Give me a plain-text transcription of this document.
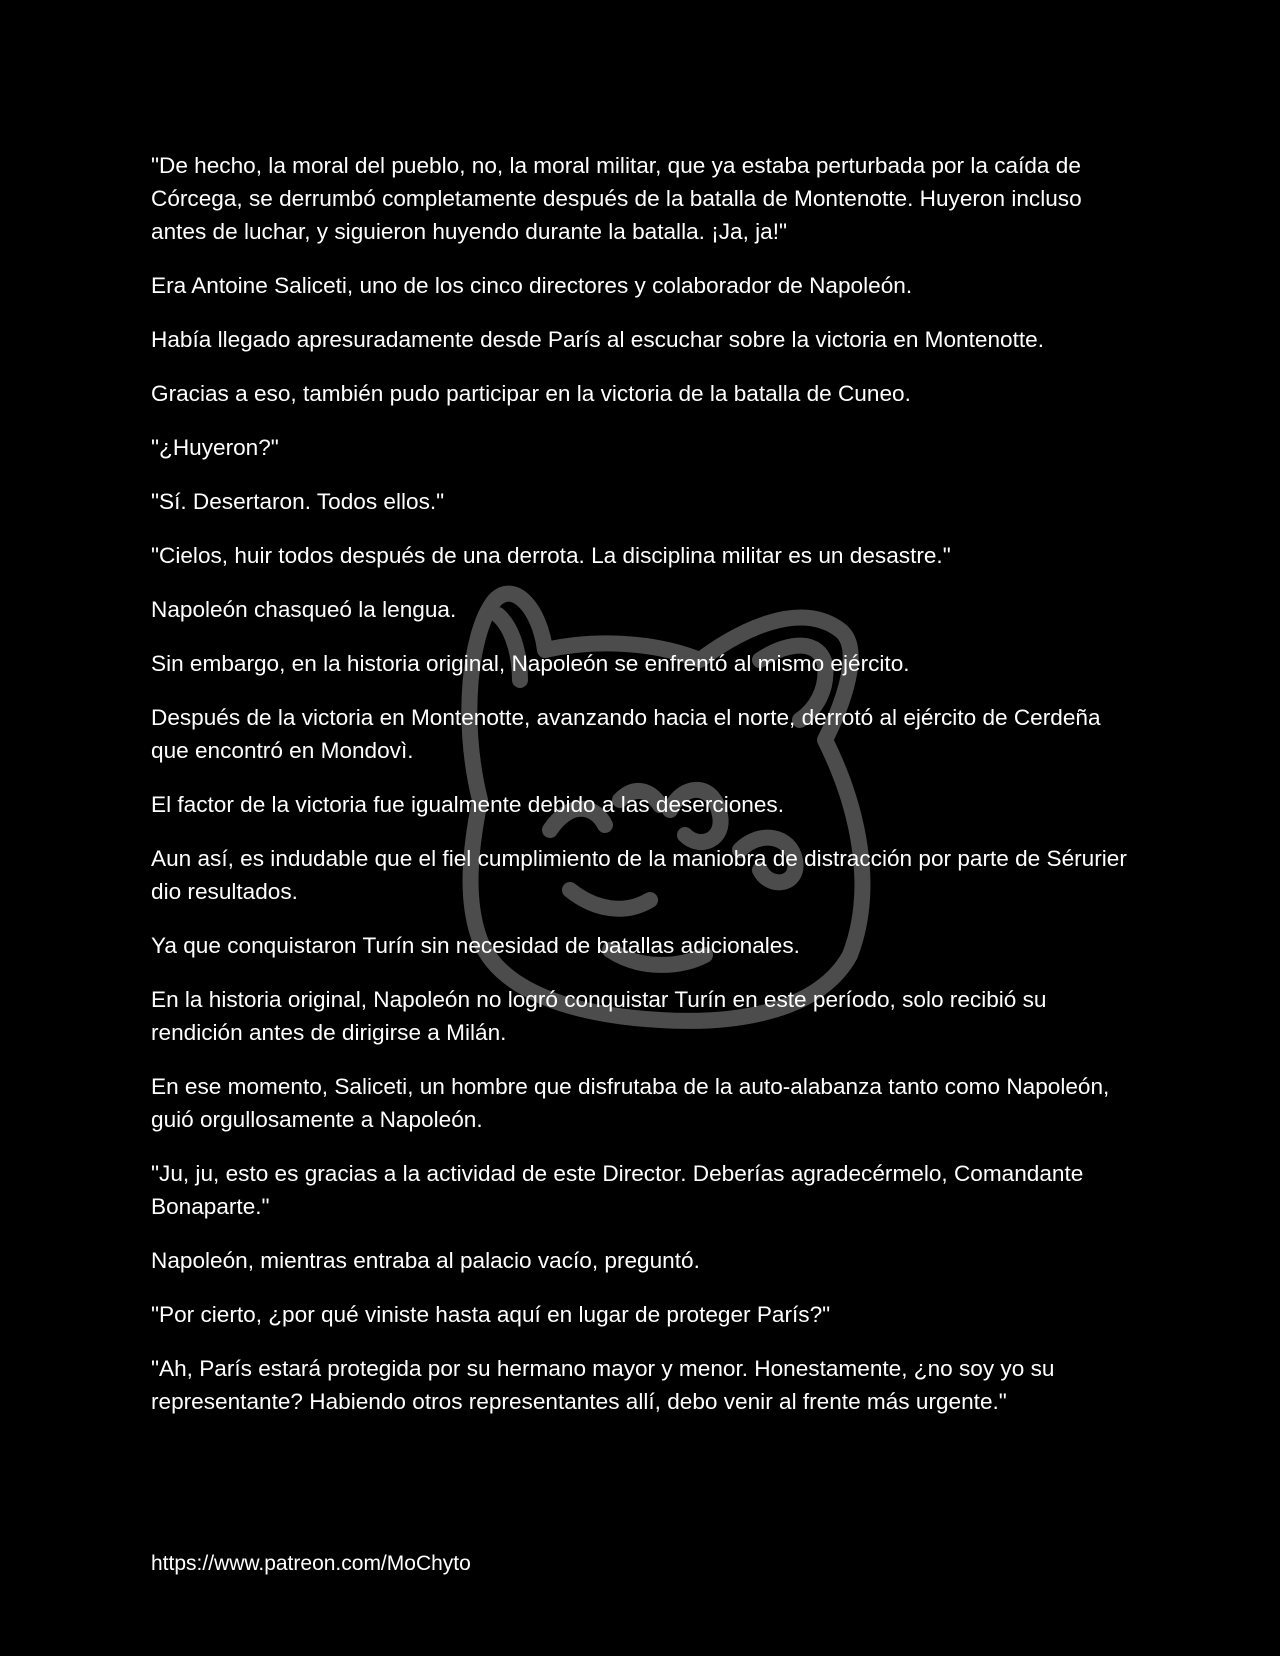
"De hecho, la moral del pueblo, no, la moral militar, que ya estaba perturbada por la caída de Córcega, se derrumbó completamente después de la batalla de Montenotte. Huyeron incluso antes de luchar, y siguieron huyendo durante la batalla. ¡Ja, ja!"

Era Antoine Saliceti, uno de los cinco directores y colaborador de Napoleón.

Había llegado apresuradamente desde París al escuchar sobre la victoria en Montenotte.

Gracias a eso, también pudo participar en la victoria de la batalla de Cuneo.

"¿Huyeron?"

"Sí. Desertaron. Todos ellos."

"Cielos, huir todos después de una derrota. La disciplina militar es un desastre."

Napoleón chasqueó la lengua.

Sin embargo, en la historia original, Napoleón se enfrentó al mismo ejército.

Después de la victoria en Montenotte, avanzando hacia el norte, derrotó al ejército de Cerdeña que encontró en Mondovì.

El factor de la victoria fue igualmente debido a las deserciones.

Aun así, es indudable que el fiel cumplimiento de la maniobra de distracción por parte de Sérurier dio resultados.

Ya que conquistaron Turín sin necesidad de batallas adicionales.

En la historia original, Napoleón no logró conquistar Turín en este período, solo recibió su rendición antes de dirigirse a Milán.

En ese momento, Saliceti, un hombre que disfrutaba de la auto-alabanza tanto como Napoleón, guió orgullosamente a Napoleón.

"Ju, ju, esto es gracias a la actividad de este Director. Deberías agradecérmelo, Comandante Bonaparte."

Napoleón, mientras entraba al palacio vacío, preguntó.

"Por cierto, ¿por qué viniste hasta aquí en lugar de proteger París?"

"Ah, París estará protegida por su hermano mayor y menor. Honestamente, ¿no soy yo su representante? Habiendo otros representantes allí, debo venir al frente más urgente."

https://www.patreon.com/MoChyto
